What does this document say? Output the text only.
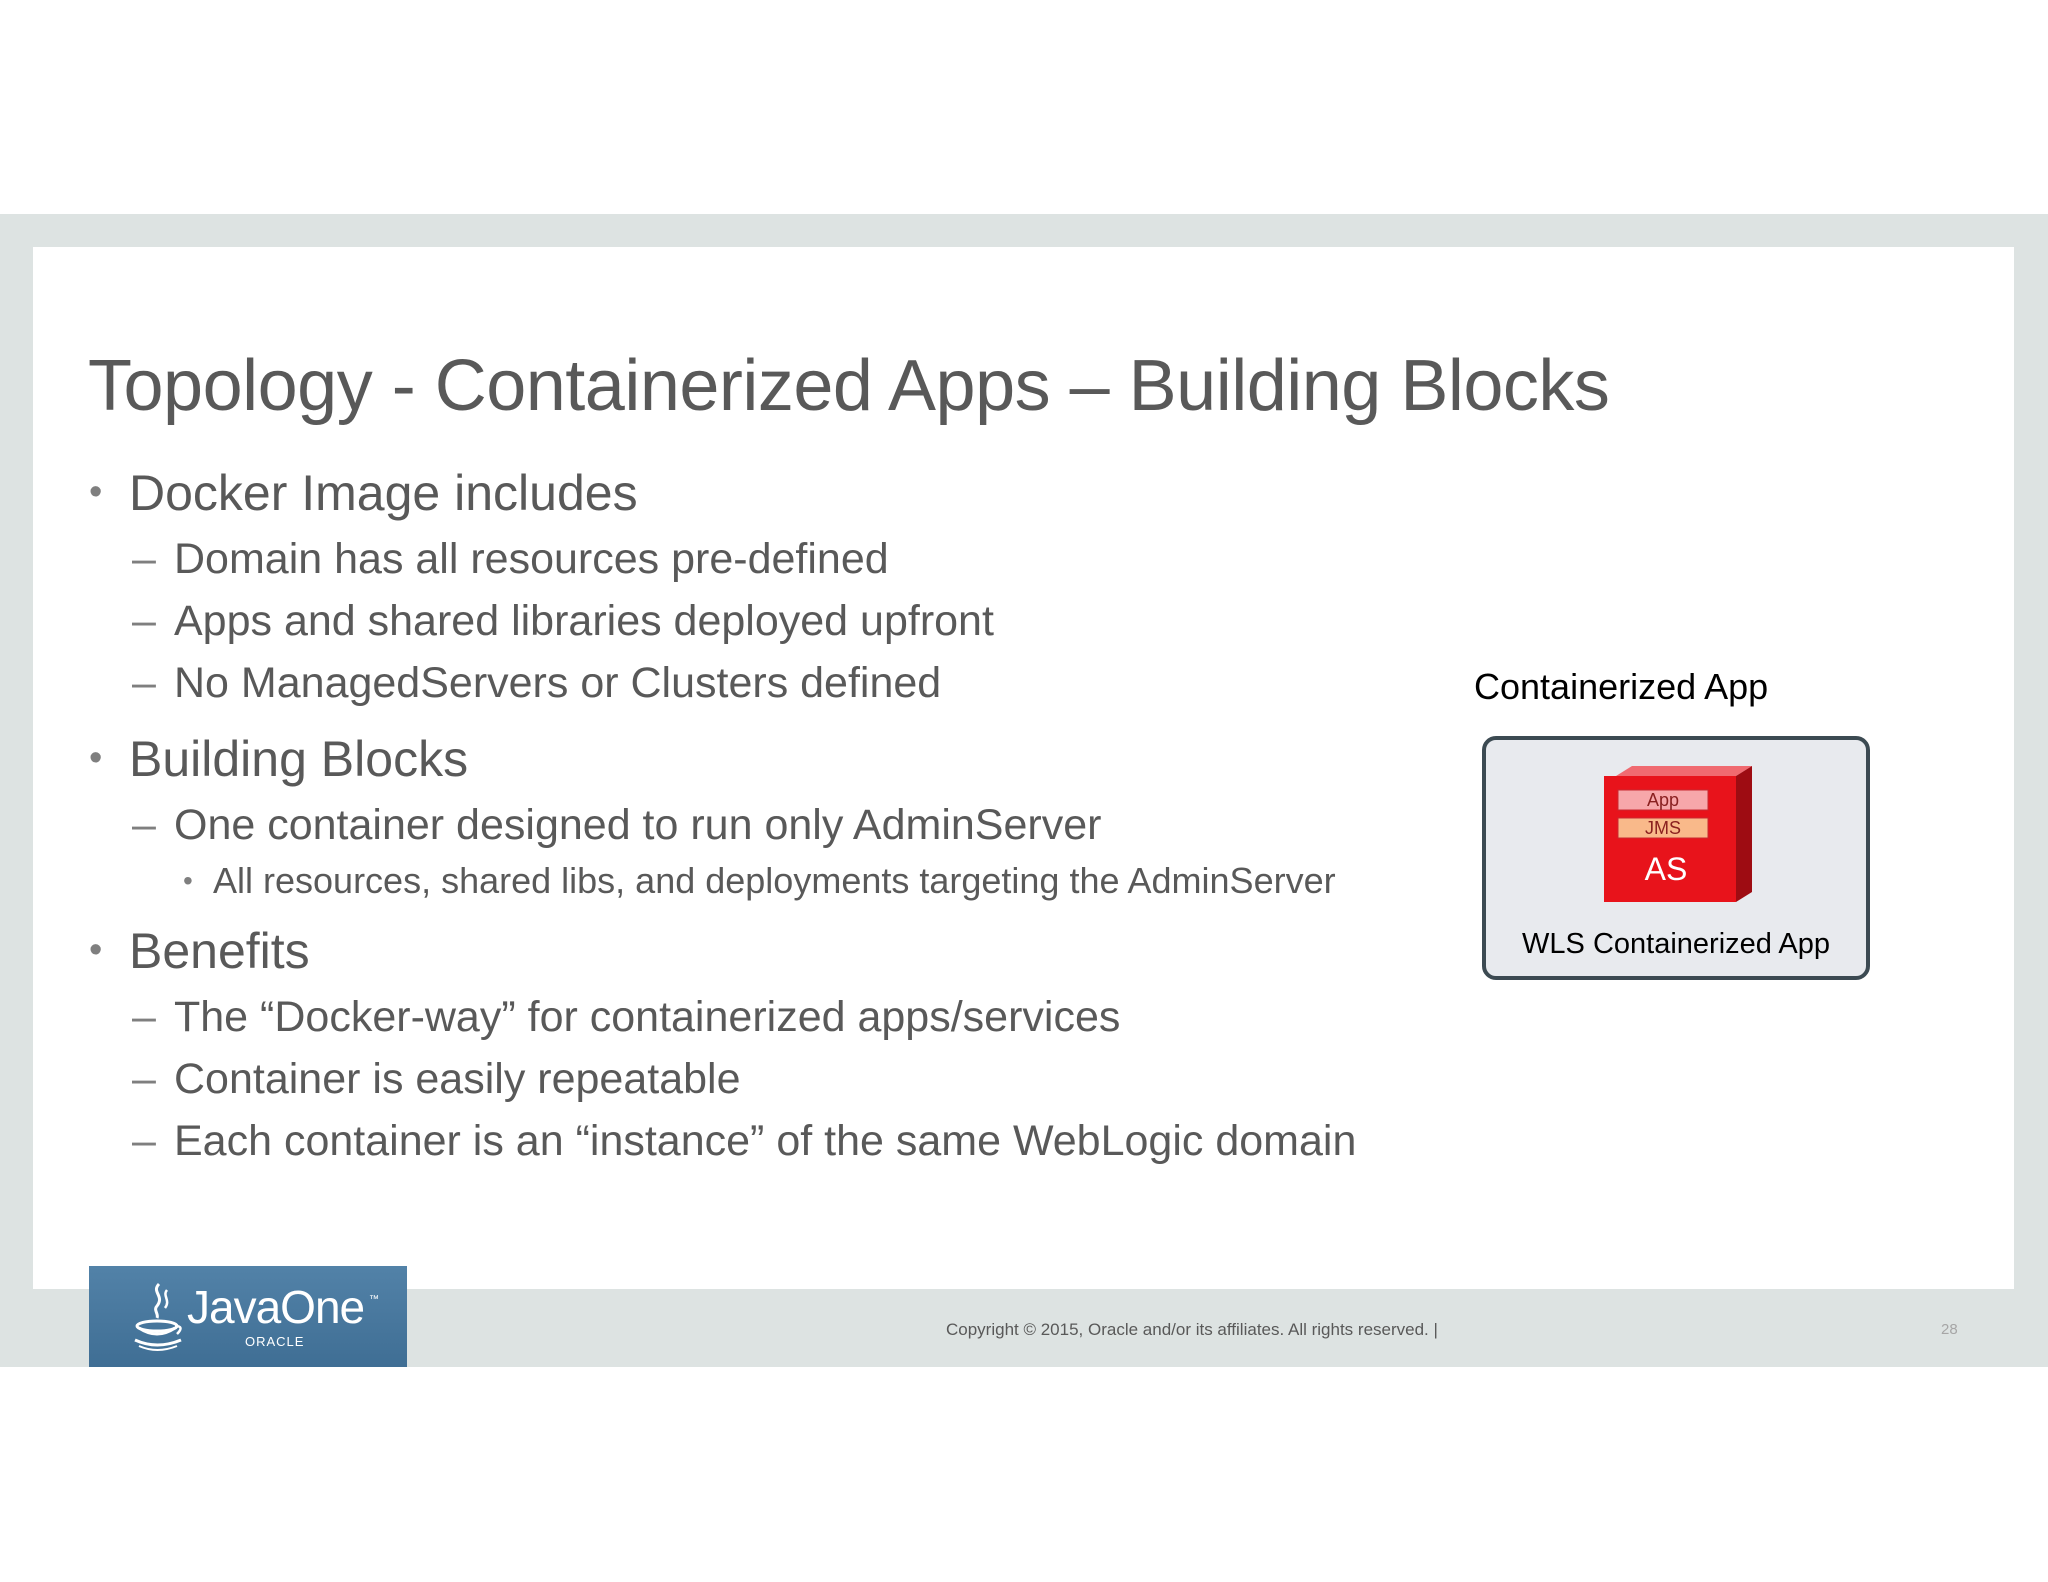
Topology - Containerized Apps – Building Blocks
• Docker Image includes
– Domain has all resources pre-defined
– Apps and shared libraries deployed upfront
– No ManagedServers or Clusters defined
• Building Blocks
– One container designed to run only AdminServer
• All resources, shared libs, and deployments targeting the AdminServer
• Benefits
– The “Docker-way” for containerized apps/services
– Container is easily repeatable
– Each container is an “instance” of the same WebLogic domain
Containerized App
App
JMS
AS
WLS Containerized App
JavaOne ™
ORACLE
Copyright © 2015, Oracle and/or its affiliates. All rights reserved. |	28
